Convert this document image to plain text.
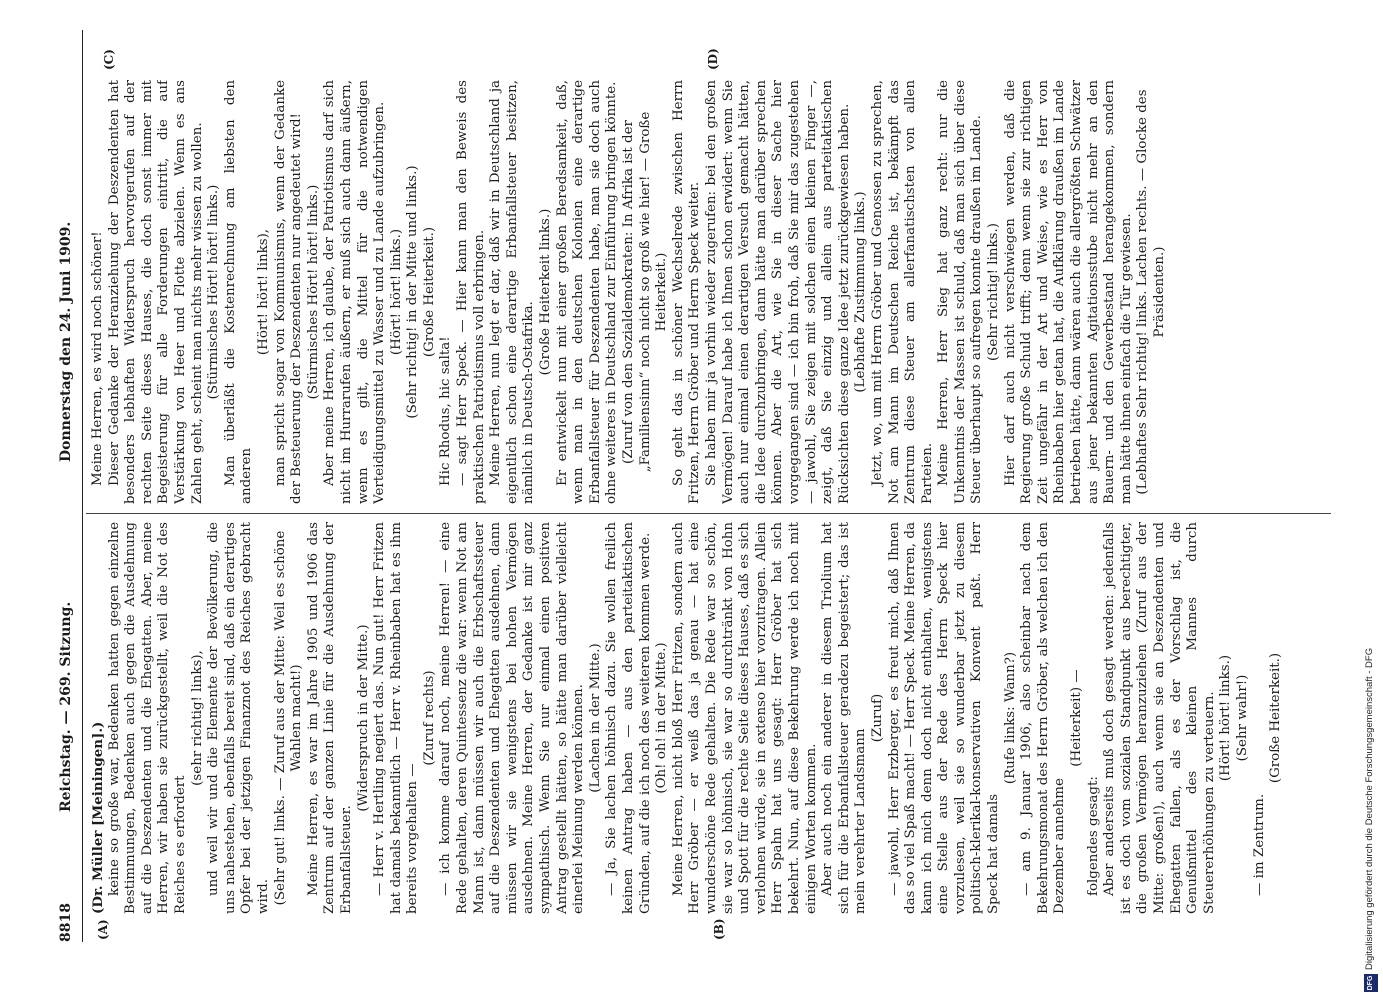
8818
Reichstag. — 269. Sitzung.
Donnerstag den 24. Juni 1909.
(A)	(B)
(C)	(D)

(Dr. Müller [Meiningen].) keine so große war, Bedenken hatten gegen einzelne Bestimmungen, Bedenken auch gegen die Ausdehnung auf die Deszendenten und die Ehegatten. Aber, meine Herren, wir haben sie zurückgestellt, weil die Not des Reiches es erfordert

(sehr richtig! links), und weil wir und die Elemente der Bevölkerung, die uns nahestehen, ebenfalls bereit sind, daß ein derartiges Opfer bei der jetzigen Finanznot des Reiches gebracht wird. (Sehr gut! links. — Zuruf aus der Mitte: Weil es schöne Wahlen macht!) Meine Herren, es war im Jahre 1905 und 1906 das Zentrum auf der ganzen Linie für die Ausdehnung der Erbanfallsteuer.

(Widerspruch in der Mitte.) — Herr v. Hertling negiert das. Nun gut! Herr Fritzen hat damals bekanntlich — Herr v. Rheinbaben hat es ihm bereits vorgehalten —

(Zuruf rechts) — ich komme darauf noch, meine Herren! — eine Rede gehalten, deren Quintessenz die war: wenn Not am Mann ist, dann müssen wir auch die Erbschaftssteuer auf die Deszendenten und Ehegatten ausdehnen, dann müssen wir sie wenigstens bei hohen Vermögen ausdehnen. Meine Herren, der Gedanke ist mir ganz sympathisch. Wenn Sie nur einmal einen positiven Antrag gestellt hätten, so hätte man darüber vielleicht einerlei Meinung werden können. (Lachen in der Mitte.) — Ja, Sie lachen höhnisch dazu. Sie wollen freilich keinen Antrag haben — aus den parteitaktischen Gründen, auf die ich noch des weiteren kommen werde. (Oh! oh! in der Mitte.) Meine Herren, nicht bloß Herr Fritzen, sondern auch Herr Gröber — er weiß das ja genau — hat eine wunderschöne Rede gehalten. Die Rede war so schön, sie war so höhnisch, sie war so durchtränkt von Hohn und Spott für die rechte Seite dieses Hauses, daß es sich verlohnen würde, sie in extenso hier vorzutragen. Allein Herr Spahn hat uns gesagt: Herr Gröber hat sich bekehrt. Nun, auf diese Bekehrung werde ich noch mit einigen Worten kommen. Aber auch noch ein anderer in diesem Triolium hat sich für die Erbanfallsteuer geradezu begeistert; das ist mein verehrter Landsmann

(Zuruf) — jawohl, Herr Erzberger, es freut mich, daß Ihnen das so viel Spaß macht! — Herr Speck. Meine Herren, da kann ich mich denn doch nicht enthalten, wenigstens eine Stelle aus der Rede des Herrn Speck hier vorzulesen, weil sie so wunderbar jetzt zu diesem politisch-klerikal-konservativen Konvent paßt. Herr Speck hat damals

(Rufe links: Wann?) — am 9. Januar 1906, also scheinbar nach dem Bekehrungsmonat des Herrn Gröber, als welchen ich den Dezember annehme

(Heiterkeit) —

folgendes gesagt: Aber anderseits muß doch gesagt werden: jedenfalls ist es doch vom sozialen Standpunkt aus berechtigter, die großen Vermögen heranzuziehen (Zuruf aus der Mitte: großen!), auch wenn sie an Deszendenten und Ehegatten fallen, als es der Vorschlag ist, die Genußmittel des kleinen Mannes durch Steuererhöhungen zu verteuern. (Hört! hört! links.) (Sehr wahr!)

— im Zentrum.

(Große Heiterkeit.)

Meine Herren, es wird noch schöner! Dieser Gedanke der Heranziehung der Deszendenten hat besonders lebhaften Widerspruch hervorgerufen auf der rechten Seite dieses Hauses, die doch sonst immer mit Begeisterung für alle Forderungen eintritt, die auf Verstärkung von Heer und Flotte abzielen. Wenn es ans Zahlen geht, scheint man nichts mehr wissen zu wollen. (Stürmisches Hört! hört! links.) Man überläßt die Kostenrechnung am liebsten den anderen

(Hört! hört! links), man spricht sogar von Kommunismus, wenn der Gedanke der Besteuerung der Deszendenten nur angedeutet wird! (Stürmisches Hört! hört! links.) Aber meine Herren, ich glaube, der Patriotismus darf sich nicht im Hurrarufen äußern, er muß sich auch dann äußern, wenn es gilt, die Mittel für die notwendigen Verteidigungsmittel zu Wasser und zu Lande aufzubringen. (Hört! hört! links.) (Sehr richtig! in der Mitte und links.) (Große Heiterkeit.)

Hic Rhodus, hic salta! — sagt Herr Speck. — Hier kann man den Beweis des praktischen Patriotismus voll erbringen. Meine Herren, nun legt er dar, daß wir in Deutschland ja eigentlich schon eine derartige Erbanfallsteuer besitzen, nämlich in Deutsch-Ostafrika.

(Große Heiterkeit links.) Er entwickelt nun mit einer großen Beredsamkeit, daß, wenn man in den deutschen Kolonien eine derartige Erbanfallsteuer für Deszendenten habe, man sie doch auch ohne weiteres in Deutschland zur Einführung bringen könnte. (Zuruf von den Sozialdemokraten: In Afrika ist der „Familiensinn“ noch nicht so groß wie hier! — Große Heiterkeit.) So geht das in schöner Wechselrede zwischen Herrn Fritzen, Herrn Gröber und Herrn Speck weiter. Sie haben mir ja vorhin wieder zugerufen: bei den großen Vermögen! Darauf habe ich Ihnen schon erwidert: wenn Sie auch nur einmal einen derartigen Versuch gemacht hätten, die Idee durchzubringen, dann hätte man darüber sprechen können. Aber die Art, wie Sie in dieser Sache hier vorgegangen sind — ich bin froh, daß Sie mir das zugestehen — jawohl, Sie zeigen mit solchen einen kleinen Finger —, zeigt, daß Sie einzig und allein aus parteitaktischen Rücksichten diese ganze Idee jetzt zurückgewiesen haben. (Lebhafte Zustimmung links.) Jetzt, wo, um mit Herrn Gröber und Genossen zu sprechen, Not am Mann im Deutschen Reiche ist, bekämpft das Zentrum diese Steuer am allerfanatischsten von allen Parteien. Meine Herren, Herr Sieg hat ganz recht: nur die Unkenntnis der Massen ist schuld, daß man sich über diese Steuer überhaupt so aufregen konnte draußen im Lande. (Sehr richtig! links.) Hier darf auch nicht verschwiegen werden, daß die Regierung große Schuld trifft; denn wenn sie zur richtigen Zeit ungefähr in der Art und Weise, wie es Herr von Rheinbaben hier getan hat, die Aufklärung draußen im Lande betrieben hätte, dann wären auch die allergrößten Schwätzer aus jener bekannten Agitationsstube nicht mehr an den Bauern- und den Gewerbestand herangekommen, sondern man hätte ihnen einfach die Tür gewiesen. (Lebhaftes Sehr richtig! links. Lachen rechts. — Glocke des Präsidenten.)

DFG
Digitalisierung gefördert durch die Deutsche Forschungsgemeinschaft - DFG
